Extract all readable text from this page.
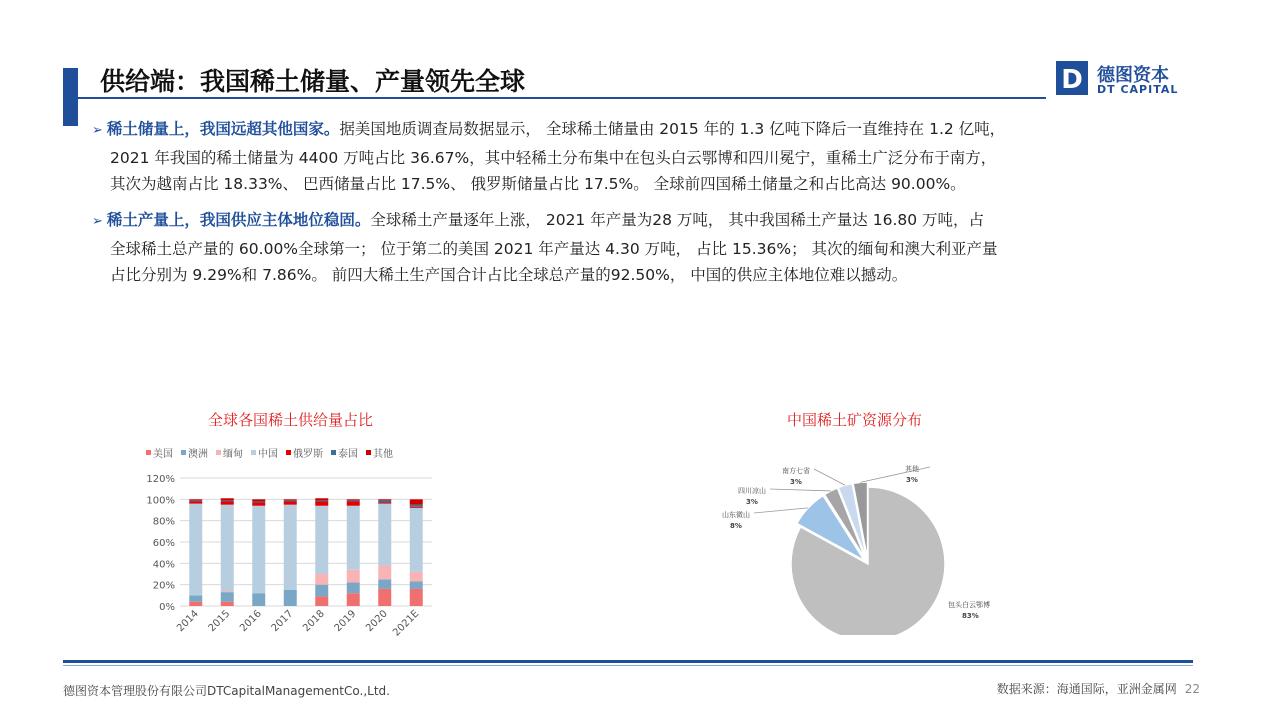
供给端：我国稀土储量、产量领先全球	D 德图资本
DT CAPITAL
➢ 稀土储量上，我国远超其他国家。据美国地质调查局数据显示， 全球稀土储量由 2015 年的 1.3 亿吨下降后一直维持在 1.2 亿吨，
2021 年我国的稀土储量为 4400 万吨占比 36.67%，其中轻稀土分布集中在包头白云鄂博和四川冕宁，重稀土广泛分布于南方，
其次为越南占比 18.33%、 巴西储量占比 17.5%、 俄罗斯储量占比 17.5%。 全球前四国稀土储量之和占比高达 90.00%。
➢ 稀土产量上，我国供应主体地位稳固。全球稀土产量逐年上涨， 2021 年产量为28 万吨， 其中我国稀土产量达 16.80 万吨，占
全球稀土总产量的 60.00%全球第一； 位于第二的美国 2021 年产量达 4.30 万吨， 占比 15.36%； 其次的缅甸和澳大利亚产量
占比分别为 9.29%和 7.86%。 前四大稀土生产国合计占比全球总产量的92.50%， 中国的供应主体地位难以撼动。
全球各国稀土供给量占比
美国 澳洲 缅甸 中国 俄罗斯 泰国 其他
0%
20%
40%
60%
80%
100%
120%
2014 2015 2016 2017 2018 2019 2020 2021E
中国稀土矿资源分布
包头白云鄂博
83%
山东微山
8%
四川凉山
3%
南方七省
3%
其他
3%
德图资本管理股份有限公司DTCapitalManagementCo.,Ltd.	数据来源：海通国际，亚洲金属网 22
